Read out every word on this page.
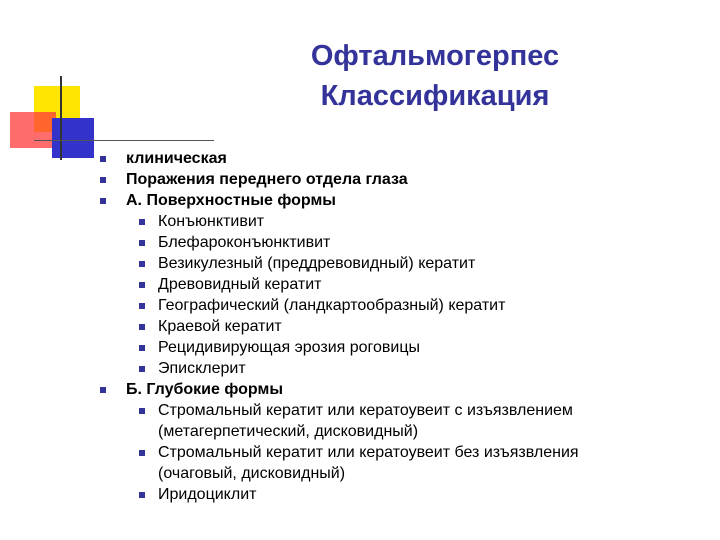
Офтальмогерпес
Классификация
клиническая
Поражения переднего отдела глаза
А. Поверхностные формы
Конъюнктивит
Блефароконъюнктивит
Везикулезный (преддревовидный) кератит
Древовидный кератит
Географический (ландкартообразный) кератит
Краевой кератит
Рецидивирующая эрозия роговицы
Эписклерит
Б. Глубокие формы
Стромальный кератит или кератоувеит с изъязвлением
(метагерпетический, дисковидный)
Стромальный кератит или кератоувеит без изъязвления
(очаговый, дисковидный)
Иридоциклит
